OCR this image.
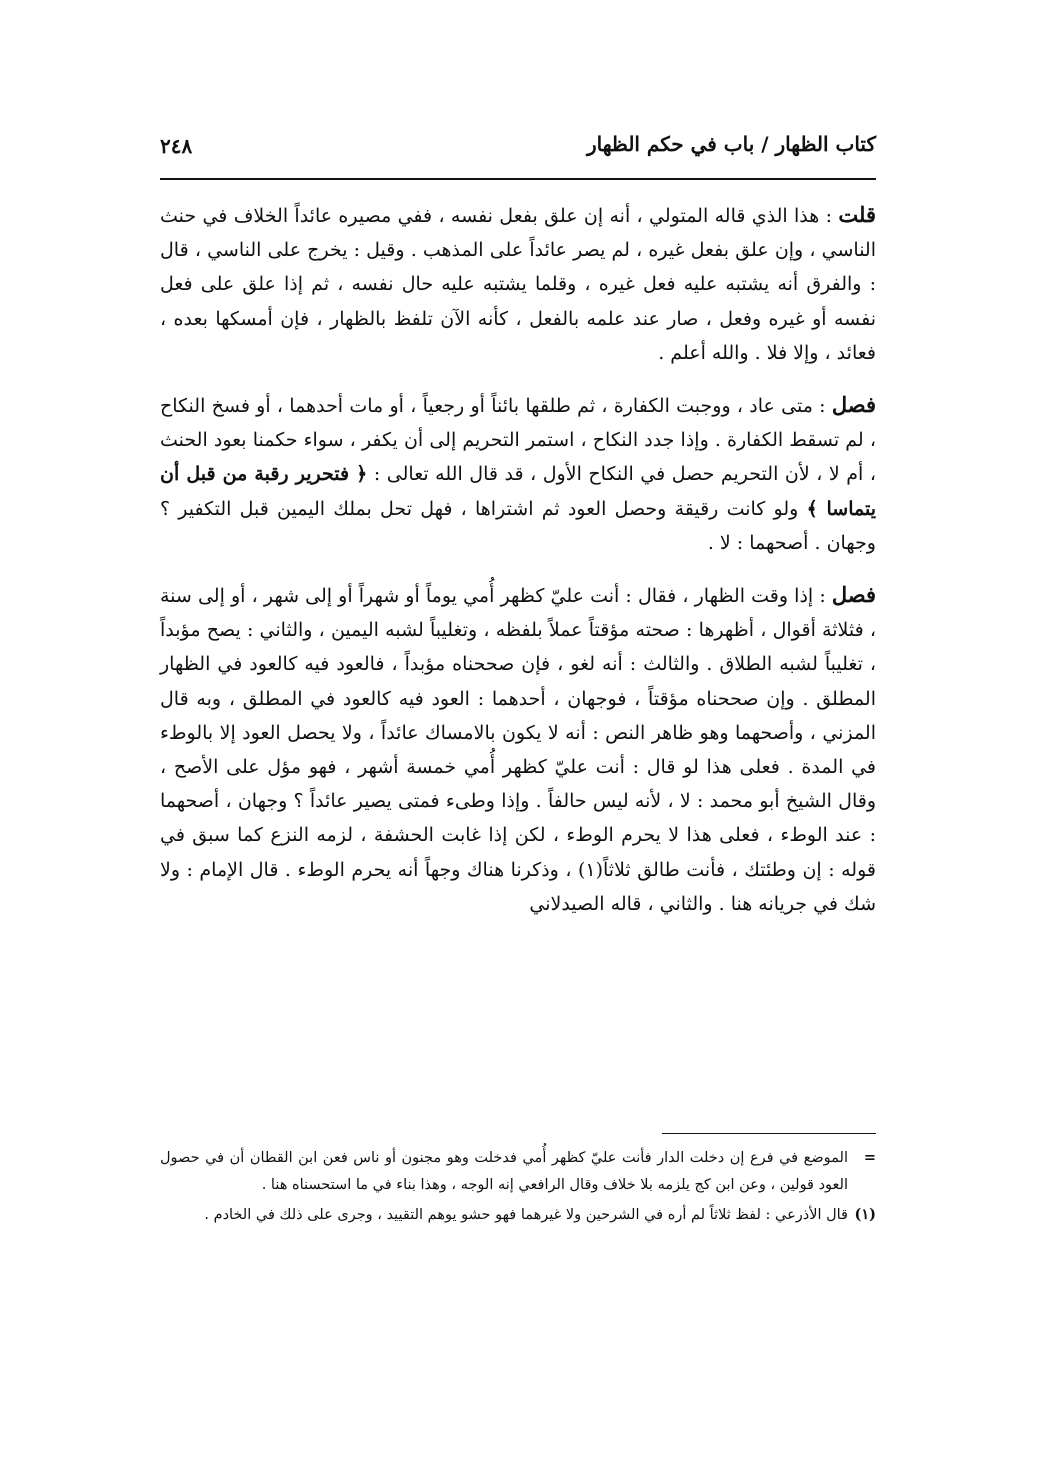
كتاب الظهار / باب في حكم الظهار
٢٤٨

قلت : هذا الذي قاله المتولي ، أنه إن علق بفعل نفسه ، ففي مصيره عائداً الخلاف في حنث الناسي ، وإن علق بفعل غيره ، لم يصر عائداً على المذهب . وقيل : يخرج على الناسي ، قال : والفرق أنه يشتبه عليه فعل غيره ، وقلما يشتبه عليه حال نفسه ، ثم إذا علق على فعل نفسه أو غيره وفعل ، صار عند علمه بالفعل ، كأنه الآن تلفظ بالظهار ، فإن أمسكها بعده ، فعائد ، وإلا فلا . والله أعلم .

فصل : متى عاد ، ووجبت الكفارة ، ثم طلقها بائناً أو رجعياً ، أو مات أحدهما ، أو فسخ النكاح ، لم تسقط الكفارة . وإذا جدد النكاح ، استمر التحريم إلى أن يكفر ، سواء حكمنا بعود الحنث ، أم لا ، لأن التحريم حصل في النكاح الأول ، قد قال الله تعالى : ﴿ فتحرير رقبة من قبل أن يتماسا ﴾ ولو كانت رقيقة وحصل العود ثم اشتراها ، فهل تحل بملك اليمين قبل التكفير ؟ وجهان . أصحهما : لا .

فصل : إذا وقت الظهار ، فقال : أنت عليّ كظهر أُمي يوماً أو شهراً أو إلى شهر ، أو إلى سنة ، فثلاثة أقوال ، أظهرها : صحته مؤقتاً عملاً بلفظه ، وتغليباً لشبه اليمين ، والثاني : يصح مؤبداً ، تغليباً لشبه الطلاق . والثالث : أنه لغو ، فإن صححناه مؤبداً ، فالعود فيه كالعود في الظهار المطلق . وإن صححناه مؤقتاً ، فوجهان ، أحدهما : العود فيه كالعود في المطلق ، وبه قال المزني ، وأصحهما وهو ظاهر النص : أنه لا يكون بالامساك عائداً ، ولا يحصل العود إلا بالوطء في المدة . فعلى هذا لو قال : أنت عليّ كظهر أُمي خمسة أشهر ، فهو مؤل على الأصح ، وقال الشيخ أبو محمد : لا ، لأنه ليس حالفاً . وإذا وطىء فمتى يصير عائداً ؟ وجهان ، أصحهما : عند الوطء ، فعلى هذا لا يحرم الوطء ، لكن إذا غابت الحشفة ، لزمه النزع كما سبق في قوله : إن وطئتك ، فأنت طالق ثلاثاً(١) ، وذكرنا هناك وجهاً أنه يحرم الوطء . قال الإمام : ولا شك في جريانه هنا . والثاني ، قاله الصيدلاني

=
الموضع في فرع إن دخلت الدار فأنت عليّ كظهر أُمي فدخلت وهو مجنون أو ناس فعن ابن القطان أن في حصول العود قولين ، وعن ابن كج يلزمه بلا خلاف وقال الرافعي إنه الوجه ، وهذا بناء في ما استحسناه هنا .
(١)
قال الأذرعي : لفظ ثلاثاً لم أره في الشرحين ولا غيرهما فهو حشو يوهم التقييد ، وجرى على ذلك في الخادم .
